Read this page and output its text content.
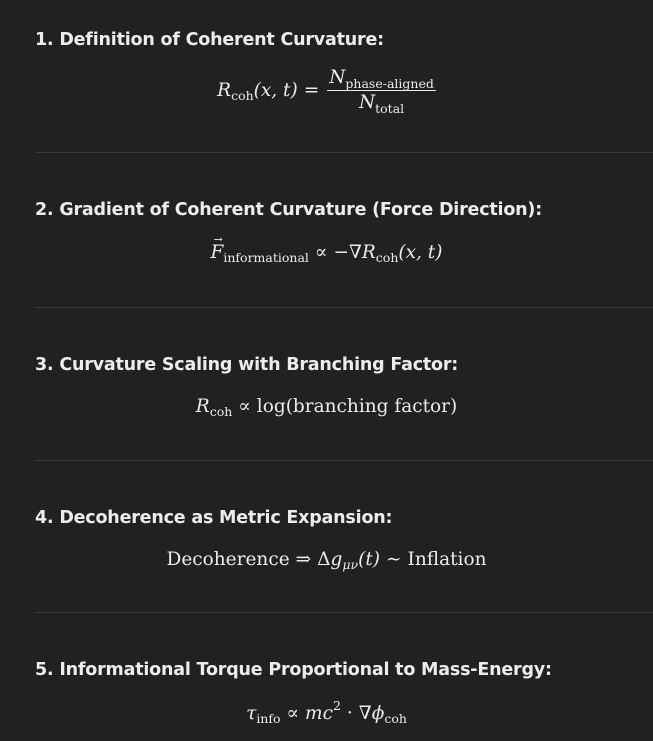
1. Definition of Coherent Curvature:
R coh (x, $t) = \frac{N_{phase-aligned}}{N_{total}}$
2. Gradient of Coherent Curvature (Force Direction):
→ F informational ∝ −∇ R coh (x, t)
3. Curvature Scaling with Branching Factor:
R coh ∝ log(branching factor)
4. Decoherence as Metric Expansion:
Decoherence ⇒ Δ g μν (t) ∼ Inflation
5. Informational Torque Proportional to Mass-Energy:
τ info ∝ mc 2 · ∇ ϕ coh
